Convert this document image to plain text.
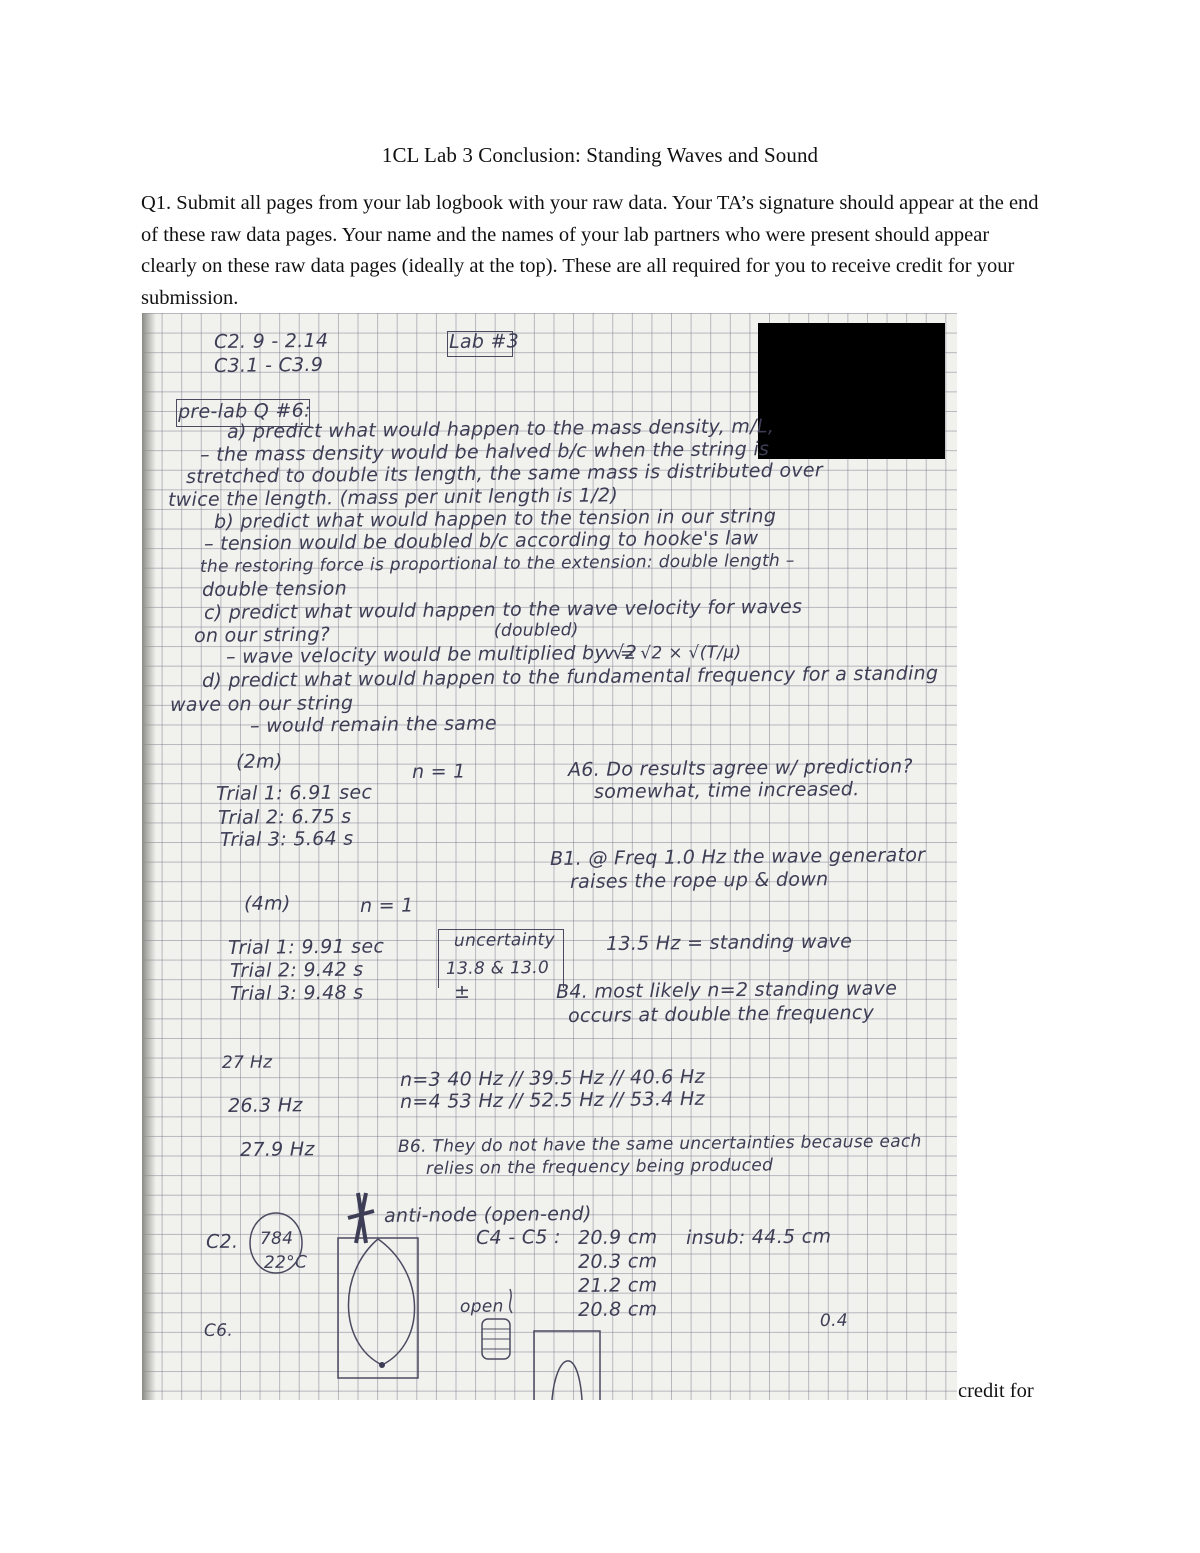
1CL Lab 3 Conclusion: Standing Waves and Sound
Q1. Submit all pages from your lab logbook with your raw data. Your TA’s signature should appear at the end of these raw data pages. Your name and the names of your lab partners who were present should appear clearly on these raw data pages (ideally at the top). These are all required for you to receive credit for your submission.
C2. 9 - 2.14
C3.1 - C3.9
Lab #3
pre-lab Q #6:
a) predict what would happen to the mass density, m/L,
– the mass density would be halved b/c when the string is
stretched to double its length, the same mass is distributed over
twice the length. (mass per unit length is 1/2)
b) predict what would happen to the tension in our string
– tension would be doubled b/c according to hooke's law
the restoring force is proportional to the extension: double length –
double tension
c) predict what would happen to the wave velocity for waves
on our string?	(doubled)
– wave velocity would be multiplied by √2
v = √2 × √(T/μ)
d) predict what would happen to the fundamental frequency for a standing
wave on our string
– would remain the same
(2m)	n = 1
Trial 1: 6.91 sec
Trial 2: 6.75 s
Trial 3: 5.64 s
A6. Do results agree w/ prediction?
somewhat, time increased.
B1. @ Freq 1.0 Hz the wave generator
raises the rope up & down
(4m)	n = 1
Trial 1: 9.91 sec
Trial 2: 9.42 s
Trial 3: 9.48 s
uncertainty
13.8 & 13.0
±
13.5 Hz = standing wave
B4. most likely n=2 standing wave
occurs at double the frequency
27 Hz
26.3 Hz
27.9 Hz
n=3 40 Hz // 39.5 Hz // 40.6 Hz
n=4 53 Hz // 52.5 Hz // 53.4 Hz
B6. They do not have the same uncertainties because each
relies on the frequency being produced
anti-node (open-end)
C4 - C5 : 20.9 cm
20.3 cm
21.2 cm
20.8 cm
insub: 44.5 cm
C2. 784
22°C
open
C6.	0.4
credit for
